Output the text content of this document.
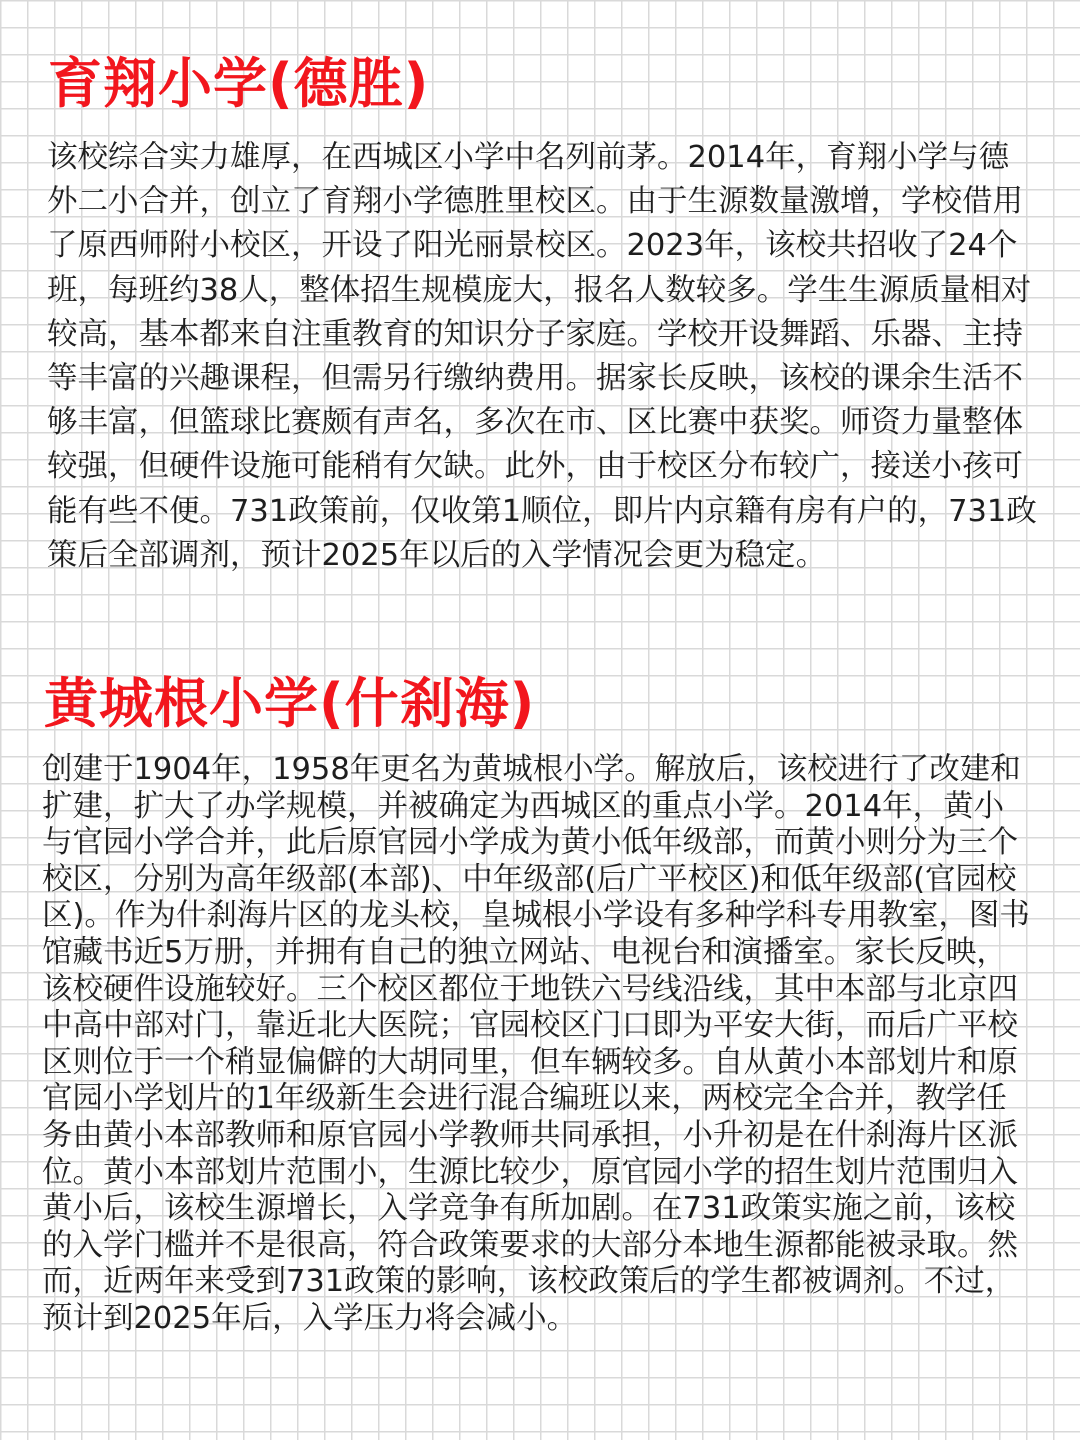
育翔小学(德胜)

该校综合实力雄厚，在西城区小学中名列前茅。2014年，育翔小学与德外二小合并，创立了育翔小学德胜里校区。由于生源数量激增，学校借用了原西师附小校区，开设了阳光丽景校区。2023年，该校共招收了24个班，每班约38人，整体招生规模庞大，报名人数较多。学生生源质量相对较高，基本都来自注重教育的知识分子家庭。学校开设舞蹈、乐器、主持等丰富的兴趣课程，但需另行缴纳费用。据家长反映，该校的课余生活不够丰富，但篮球比赛颇有声名，多次在市、区比赛中获奖。师资力量整体较强，但硬件设施可能稍有欠缺。此外，由于校区分布较广，接送小孩可能有些不便。731政策前，仅收第1顺位，即片内京籍有房有户的，731政策后全部调剂，预计2025年以后的入学情况会更为稳定。

黄城根小学(什刹海)

创建于1904年，1958年更名为黄城根小学。解放后，该校进行了改建和扩建，扩大了办学规模，并被确定为西城区的重点小学。2014年，黄小与官园小学合并，此后原官园小学成为黄小低年级部，而黄小则分为三个校区，分别为高年级部(本部)、中年级部(后广平校区)和低年级部(官园校区)。作为什刹海片区的龙头校，皇城根小学设有多种学科专用教室，图书馆藏书近5万册，并拥有自己的独立网站、电视台和演播室。家长反映，该校硬件设施较好。三个校区都位于地铁六号线沿线，其中本部与北京四中高中部对门，靠近北大医院；官园校区门口即为平安大街，而后广平校区则位于一个稍显偏僻的大胡同里，但车辆较多。自从黄小本部划片和原官园小学划片的1年级新生会进行混合编班以来，两校完全合并，教学任务由黄小本部教师和原官园小学教师共同承担，小升初是在什刹海片区派位。黄小本部划片范围小，生源比较少，原官园小学的招生划片范围归入黄小后，该校生源增长，入学竞争有所加剧。在731政策实施之前，该校的入学门槛并不是很高，符合政策要求的大部分本地生源都能被录取。然而，近两年来受到731政策的影响，该校政策后的学生都被调剂。不过，预计到2025年后，入学压力将会减小。
